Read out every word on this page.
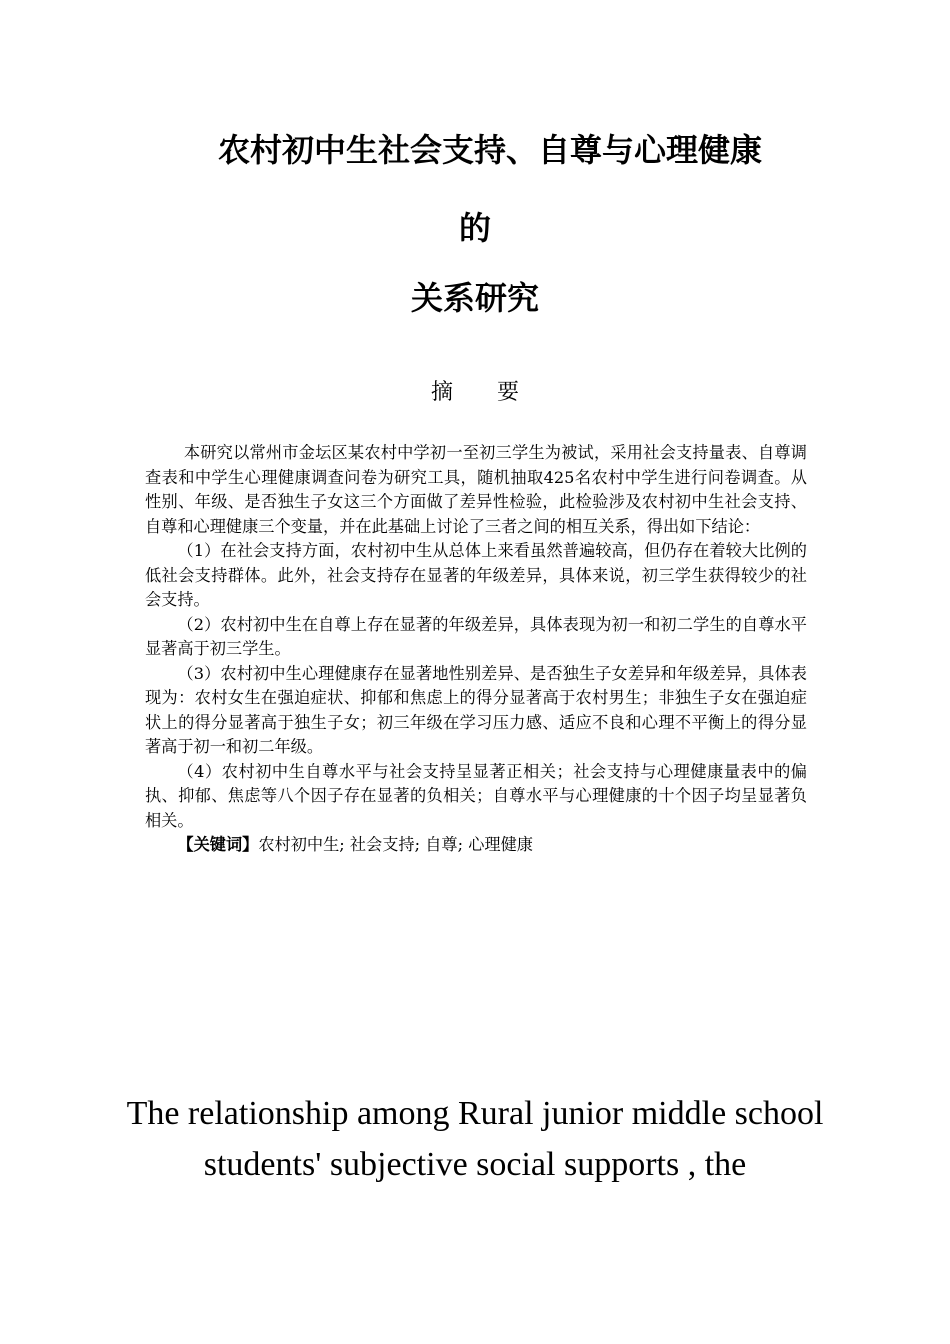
农村初中生社会支持、自尊与心理健康
的
关系研究
摘 要

本研究以常州市金坛区某农村中学初一至初三学生为被试，采用社会支持量表、自尊调查表和中学生心理健康调查问卷为研究工具，随机抽取425名农村中学生进行问卷调查。从性别、年级、是否独生子女这三个方面做了差异性检验，此检验涉及农村初中生社会支持、自尊和心理健康三个变量，并在此基础上讨论了三者之间的相互关系，得出如下结论：

（1）在社会支持方面，农村初中生从总体上来看虽然普遍较高，但仍存在着较大比例的低社会支持群体。此外，社会支持存在显著的年级差异，具体来说，初三学生获得较少的社会支持。

（2）农村初中生在自尊上存在显著的年级差异，具体表现为初一和初二学生的自尊水平显著高于初三学生。

（3）农村初中生心理健康存在显著地性别差异、是否独生子女差异和年级差异，具体表现为：农村女生在强迫症状、抑郁和焦虑上的得分显著高于农村男生；非独生子女在强迫症状上的得分显著高于独生子女；初三年级在学习压力感、适应不良和心理不平衡上的得分显著高于初一和初二年级。

（4）农村初中生自尊水平与社会支持呈显著正相关；社会支持与心理健康量表中的偏执、抑郁、焦虑等八个因子存在显著的负相关；自尊水平与心理健康的十个因子均呈显著负相关。

【关键词】农村初中生; 社会支持; 自尊; 心理健康

The relationship among Rural junior middle school students' subjective social supports , the
